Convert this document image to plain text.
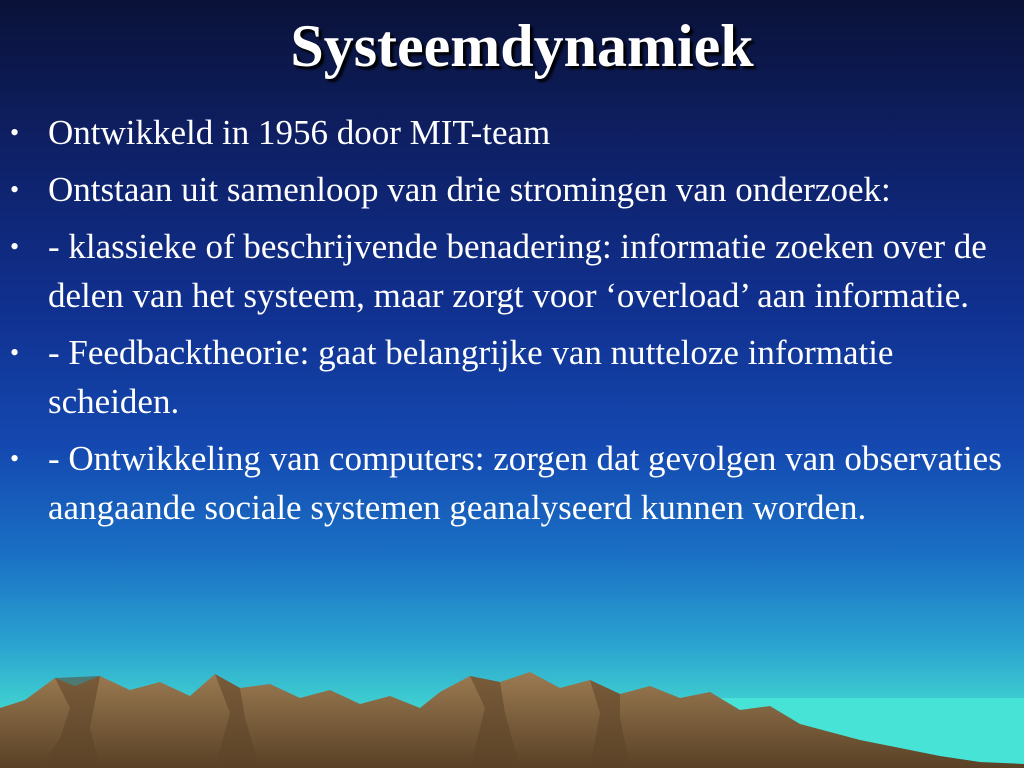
Systeemdynamiek
• Ontwikkeld in 1956 door MIT-team
• Ontstaan uit samenloop van drie stromingen van onderzoek:
• - klassieke of beschrijvende benadering: informatie zoeken over de delen van het systeem, maar zorgt voor ‘overload’ aan informatie.
• - Feedbacktheorie: gaat belangrijke van nutteloze informatie scheiden.
• - Ontwikkeling van computers: zorgen dat gevolgen van observaties aangaande sociale systemen geanalyseerd kunnen worden.
